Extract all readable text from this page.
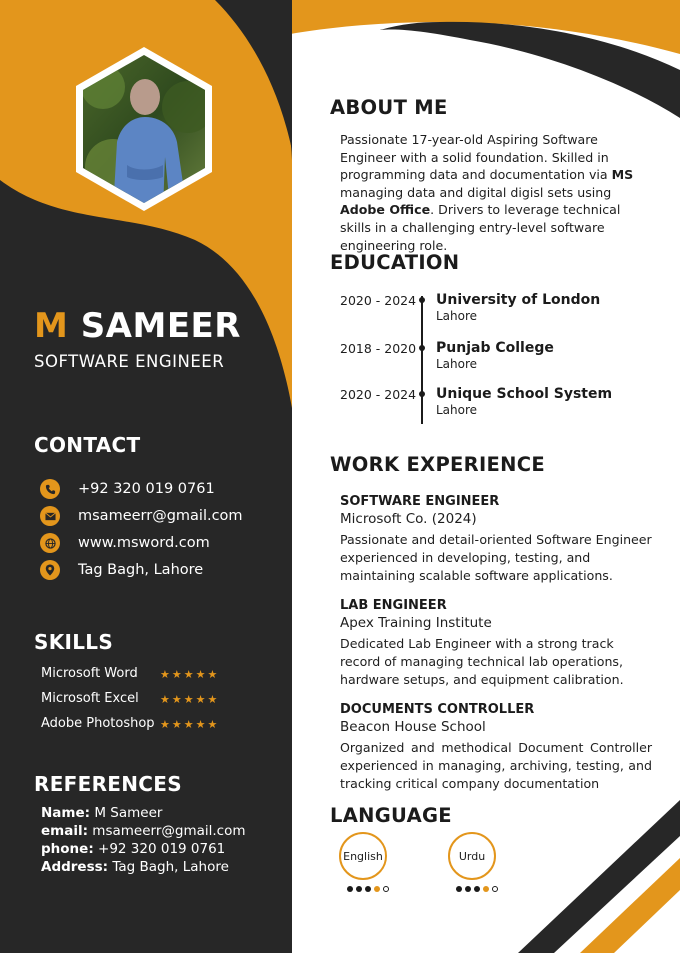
M SAMEER
SOFTWARE ENGINEER
CONTACT
+92 320 019 0761
msameerr@gmail.com
www.msword.com
Tag Bagh, Lahore
SKILLS
Microsoft Word ★★★★★
Microsoft Excel ★★★★★
Adobe Photoshop ★★★★★
REFERENCES
Name: M Sameer
email: msameerr@gmail.com
phone: +92 320 019 0761
Address: Tag Bagh, Lahore
ABOUT ME
Passionate 17-year-old Aspiring Software Engineer with a solid foundation. Skilled in programming data and documentation via MS managing data and digital digisl sets using Adobe Office. Drivers to leverage technical skills in a challenging entry-level software engineering role.
EDUCATION
2020 - 2024 University of London
Lahore
2018 - 2020 Punjab College
Lahore
2020 - 2024 Unique School System
Lahore
WORK EXPERIENCE
SOFTWARE ENGINEER
Microsoft Co. (2024)
Passionate and detail-oriented Software Engineer experienced in developing, testing, and maintaining scalable software applications.
LAB ENGINEER
Apex Training Institute
Dedicated Lab Engineer with a strong track record of managing technical lab operations, hardware setups, and equipment calibration.
DOCUMENTS CONTROLLER
Beacon House School
Organized and methodical Document Controller experienced in managing, archiving, testing, and tracking critical company documentation
LANGUAGE
English	Urdu
